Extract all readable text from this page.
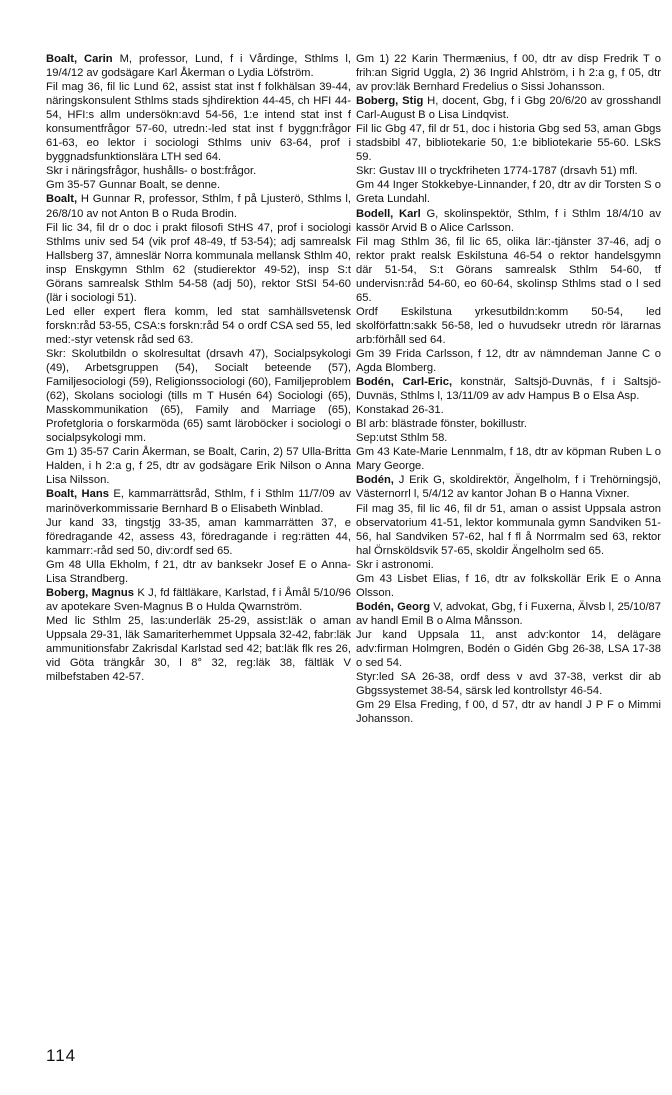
Boalt, Carin M, professor, Lund, f i Vårdinge, Sthlms l, 19/4/12 av godsägare Karl Åkerman o Lydia Löfström.

Fil mag 36, fil lic Lund 62, assist stat inst f folkhälsan 39-44, näringskonsulent Sthlms stads sjhdirektion 44-45, ch HFI 44-54, HFI:s allm undersökn:avd 54-56, 1:e intend stat inst f konsumentfrågor 57-60, utredn:-led stat inst f byggn:frågor 61-63, eo lektor i sociologi Sthlms univ 63-64, prof i byggnadsfunktionslära LTH sed 64.

Skr i näringsfrågor, hushålls- o bost:frågor.

Gm 35-57 Gunnar Boalt, se denne.

Boalt, H Gunnar R, professor, Sthlm, f på Ljusterö, Sthlms l, 26/8/10 av not Anton B o Ruda Brodin.

Fil lic 34, fil dr o doc i prakt filosofi StHS 47, prof i sociologi Sthlms univ sed 54 (vik prof 48-49, tf 53-54); adj samrealsk Hallsberg 37, ämneslär Norra kommunala mellansk Sthlm 40, insp Enskgymn Sthlm 62 (studierektor 49-52), insp S:t Görans samrealsk Sthlm 54-58 (adj 50), rektor StSI 54-60 (lär i sociologi 51).

Led eller expert flera komm, led stat samhällsvetensk forskn:råd 53-55, CSA:s forskn:råd 54 o ordf CSA sed 55, led med:-styr vetensk råd sed 63.

Skr: Skolutbildn o skolresultat (drsavh 47), Socialpsykologi (49), Arbetsgruppen (54), Socialt beteende (57), Familjesociologi (59), Religionssociologi (60), Familjeproblem (62), Skolans sociologi (tills m T Husén 64) Sociologi (65), Masskommunikation (65), Family and Marriage (65), Profetgloria o forskarmöda (65) samt läroböcker i sociologi o socialpsykologi mm.

Gm 1) 35-57 Carin Åkerman, se Boalt, Carin, 2) 57 Ulla-Britta Halden, i h 2:a g, f 25, dtr av godsägare Erik Nilson o Anna Lisa Nilsson.

Boalt, Hans E, kammarrättsråd, Sthlm, f i Sthlm 11/7/09 av marinöverkommissarie Bernhard B o Elisabeth Winblad.

Jur kand 33, tingstjg 33-35, aman kammarrätten 37, e föredragande 42, assess 43, föredragande i reg:rätten 44, kammarr:-råd sed 50, div:ordf sed 65.

Gm 48 Ulla Ekholm, f 21, dtr av banksekr Josef E o Anna-Lisa Strandberg.

Boberg, Magnus K J, fd fältläkare, Karlstad, f i Åmål 5/10/96 av apotekare Sven-Magnus B o Hulda Qwarnström.

Med lic Sthlm 25, las:underläk 25-29, assist:läk o aman Uppsala 29-31, läk Samariterhemmet Uppsala 32-42, fabr:läk ammunitionsfabr Zakrisdal Karlstad sed 42; bat:läk flk res 26, vid Göta trängkår 30, l 8° 32, reg:läk 38, fältläk V milbefstaben 42-57.

Gm 1) 22 Karin Thermænius, f 00, dtr av disp Fredrik T o frih:an Sigrid Uggla, 2) 36 Ingrid Ahlström, i h 2:a g, f 05, dtr av prov:läk Bernhard Fredelius o Sissi Johansson.

Boberg, Stig H, docent, Gbg, f i Gbg 20/6/20 av grosshandl Carl-August B o Lisa Lindqvist.

Fil lic Gbg 47, fil dr 51, doc i historia Gbg sed 53, aman Gbgs stadsbibl 47, bibliotekarie 50, 1:e bibliotekarie 55-60. LSkS 59.

Skr: Gustav III o tryckfriheten 1774-1787 (drsavh 51) mfl.

Gm 44 Inger Stokkebye-Linnander, f 20, dtr av dir Torsten S o Greta Lundahl.

Bodell, Karl G, skolinspektör, Sthlm, f i Sthlm 18/4/10 av kassör Arvid B o Alice Carlsson.

Fil mag Sthlm 36, fil lic 65, olika lär:-tjänster 37-46, adj o rektor prakt realsk Eskilstuna 46-54 o rektor handelsgymn där 51-54, S:t Görans samrealsk Sthlm 54-60, tf undervisn:råd 54-60, eo 60-64, skolinsp Sthlms stad o l sed 65.

Ordf Eskilstuna yrkesutbildn:komm 50-54, led skolförfattn:sakk 56-58, led o huvudsekr utredn rör lärarnas arb:förhåll sed 64.

Gm 39 Frida Carlsson, f 12, dtr av nämndeman Janne C o Agda Blomberg.

Bodén, Carl-Eric, konstnär, Saltsjö-Duvnäs, f i Saltsjö-Duvnäs, Sthlms l, 13/11/09 av adv Hampus B o Elsa Asp.

Konstakad 26-31.

Bl arb: blästrade fönster, bokillustr.

Sep:utst Sthlm 58.

Gm 43 Kate-Marie Lennmalm, f 18, dtr av köpman Ruben L o Mary George.

Bodén, J Erik G, skoldirektör, Ängelholm, f i Trehörningsjö, Västernorrl l, 5/4/12 av kantor Johan B o Hanna Vixner.

Fil mag 35, fil lic 46, fil dr 51, aman o assist Uppsala astron observatorium 41-51, lektor kommunala gymn Sandviken 51-56, hal Sandviken 57-62, hal f fl å Norrmalm sed 63, rektor hal Örnsköldsvik 57-65, skoldir Ängelholm sed 65.

Skr i astronomi.

Gm 43 Lisbet Elias, f 16, dtr av folkskollär Erik E o Anna Olsson.

Bodén, Georg V, advokat, Gbg, f i Fuxerna, Älvsb l, 25/10/87 av handl Emil B o Alma Månsson.

Jur kand Uppsala 11, anst adv:kontor 14, delägare adv:firman Holmgren, Bodén o Gidén Gbg 26-38, LSA 17-38 o sed 54.

Styr:led SA 26-38, ordf dess v avd 37-38, verkst dir ab Gbgssystemet 38-54, särsk led kontrollstyr 46-54.

Gm 29 Elsa Freding, f 00, d 57, dtr av handl J P F o Mimmi Johansson.

114
